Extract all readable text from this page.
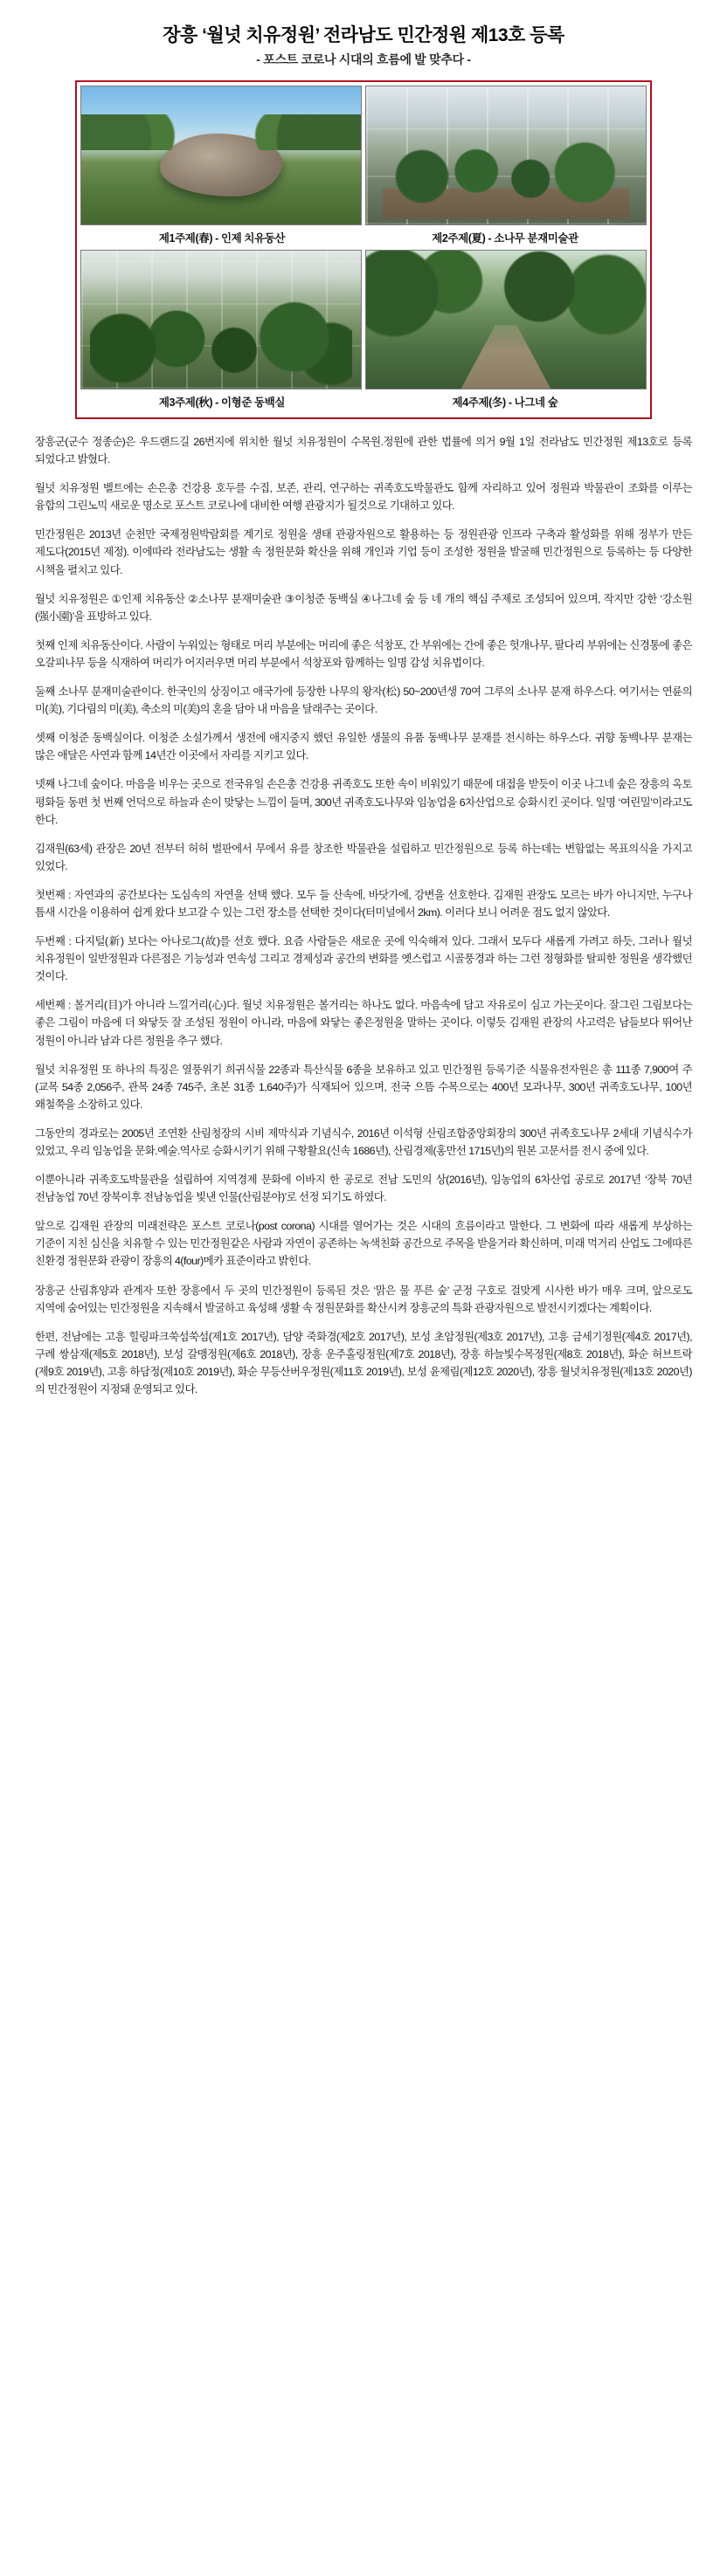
장흥 ‘월넛 치유정원’ 전라남도 민간정원 제13호 등록
- 포스트 코로나 시대의 흐름에 발 맞추다 -
제1주제(春) - 인제 치유동산	제2주제(夏) - 소나무 분재미술관
제3주제(秋) - 이형준 동백실	제4주제(冬) - 나그네 숲

장흥군(군수 정종순)은 우드랜드길 26번지에 위치한 월넛 치유정원이 수목원.정원에 관한 법률에 의거 9월 1일 전라남도 민간정원 제13호로 등록 되었다고 밝혔다.

월넛 치유정원 벨트에는 손은총 건강용 호두를 수집, 보존, 관리, 연구하는 귀족호도박물관도 함께 자리하고 있어 정원과 박물관이 조화를 이루는 융합의 그린노믹 새로운 명소로 포스트 코로나에 대비한 여행 관광지가 될것으로 기대하고 있다.

민간정원은 2013년 순천만 국제정원박람회를 계기로 정원을 생태 관광자원으로 활용하는 등 정원관광 인프라 구축과 활성화를 위해 정부가 만든 제도다(2015년 제정). 이에따라 전라남도는 생활 속 정원문화 확산을 위해 개인과 기업 등이 조성한 정원을 발굴해 민간정원으로 등록하는 등 다양한 시책을 펼치고 있다.

월넛 치유정원은 ①인제 치유동산 ②소나무 분재미술관 ③이청준 동백실 ④나그네 숲 등 네 개의 핵심 주제로 조성되어 있으며, 작지만 강한 ‘강소원(强小園)’을 표방하고 있다.

첫째 인제 치유동산이다. 사람이 누워있는 형태로 머리 부분에는 머리에 좋은 석창포, 간 부위에는 간에 좋은 헛개나무, 팔다리 부위에는 신경통에 좋은 오갈피나무 등을 식재하여 머리가 어지러우면 머리 부분에서 석창포와 함께하는 일명 감성 치유법이다.

둘째 소나무 분재미술관이다. 한국인의 상징이고 애국가에 등장한 나무의 왕자(松) 50~200년생 70여 그루의 소나무 분재 하우스다. 여기서는 연륜의 미(美), 기다림의 미(美), 축소의 미(美)의 혼을 담아 내 마음을 달래주는 곳이다.

셋째 이청준 동백실이다. 이청준 소설가께서 생전에 애지중지 했던 유일한 생물의 유품 동백나무 분재를 전시하는 하우스다. 귀향 동백나무 분재는 많은 애달은 사연과 함께 14년간 이곳에서 자리를 지키고 있다.

넷째 나그네 숲이다. 마음을 비우는 곳으로 전국유일 손은총 건강용 귀족호도 또한 속이 비워있기 때문에 대접을 받듯이 이곳 나그네 숲은 장흥의 옥토 평화들 동편 첫 번째 언덕으로 하늘과 손이 맞닿는 느낌이 들며, 300년 귀족호도나무와 임농업을 6차산업으로 승화시킨 곳이다. 일명 ‘여린밀’이라고도 한다.

김재원(63세) 관장은 20년 전부터 허허 벌판에서 무에서 유를 창조한 박물관을 설립하고 민간정원으로 등록 하는데는 변함없는 목표의식을 가지고 있었다.

첫번째 : 자연과의 공간보다는 도심속의 자연을 선택 했다. 모두 들 산속에, 바닷가에, 강변을 선호한다. 김재원 관장도 모르는 바가 아니지만, 누구나 틈새 시간을 이용하여 쉽게 왔다 보고갈 수 있는 그런 장소를 선택한 것이다(터미널에서 2km). 이러다 보니 어려운 점도 없지 않았다.

두번째 : 다지털(新) 보다는 아나로그(故)를 선호 했다. 요즘 사람들은 새로운 곳에 익숙해져 있다. 그래서 모두다 새롭게 가려고 하듯, 그러나 월넛 치유정원이 일반정원과 다른점은 기능성과 연속성 그리고 경제성과 공간의 변화를 옛스럽고 시골풍경과 하는 그런 정형화를 탈피한 정원을 생각했던 것이다.

세번째 : 볼거리(目)가 아니라 느낄거리(心)다. 월넛 치유정원은 볼거리는 하나도 없다. 마음속에 담고 자유로이 심고 가는곳이다. 잘그린 그림보다는 좋은 그림이 마음에 더 와닿듯 잘 조성된 정원이 아니라, 마음에 와닿는 좋은정원을 말하는 곳이다. 이렇듯 김재원 관장의 사고력은 남들보다 뛰어난 정원이 아니라 남과 다른 정원을 추구 했다.

월넛 치유정원 또 하나의 특징은 열풍위기 희귀식물 22종과 특산식물 6종을 보유하고 있고 민간정원 등록기준 식물유전자원은 총 111종 7,900여 주(교목 54종 2,056주, 관목 24종 745주, 초본 31종 1,640주)가 식재되어 있으며, 전국 으뜸 수목으로는 400년 모과나무, 300년 귀족호도나무, 100년 왜철쭉을 소장하고 있다.

그동안의 경과로는 2005년 조연환 산림청장의 시비 제막식과 기념식수, 2016년 이석형 산림조합중앙회장의 300년 귀족호도나무 2세대 기념식수가 있었고, 우리 임농업을 문화.예술.역사로 승화시키기 위해 구황활요(신속 1686년), 산림경제(홍만선 1715년)의 원본 고문서를 전시 중에 있다.

이뿐아니라 귀족호도박물관을 설립하여 지역경제 문화에 이바지 한 공로로 전남 도민의 상(2016년), 임농업의 6차산업 공로로 2017년 ‘장북 70년 전남농업 70년 장북이후 전남농업을 빛낸 인물(산림분야)’로 선정 되기도 하였다.

앞으로 김재원 관장의 미래전략은 포스트 코로나(post corona) 시대를 열어가는 것은 시대의 흐름이라고 말한다. 그 변화에 따라 새롭게 부상하는 기준이 지친 심신을 치유할 수 있는 민간정원같은 사람과 자연이 공존하는 녹색친화 공간으로 주목을 받을거라 확신하며, 미래 먹거리 산업도 그에따른 친환경 정원문화 관광이 장흥의 4(four)메카 표준이라고 밝힌다.

장흥군 산림휴양과 관계자 또한 장흥에서 두 곳의 민간정원이 등록된 것은 ‘맑은 물 푸른 숲’ 군정 구호로 걸맞게 시사한 바가 매우 크며, 앞으로도 지역에 숨어있는 민간정원을 지속해서 발굴하고 육성해 생활 속 정원문화를 확산시켜 장흥군의 특화 관광자원으로 발전시키겠다는 계획이다.

한편, 전남에는 고흥 힐링파크쑥섬쑥섬(제1호 2017년), 담양 죽화경(제2호 2017년), 보성 초암정원(제3호 2017년), 고흥 금세기정원(제4호 2017년), 구례 쌍삼재(제5호 2018년), 보성 갈맹정원(제6호 2018년), 장흥 운주홀링정원(제7호 2018년), 장흥 하늘빛수목정원(제8호 2018년), 화순 허브트락(제9호 2019년), 고흥 하담정(제10호 2019년), 화순 무등산버우정원(제11호 2019년), 보성 윤제림(제12호 2020년), 장흥 월넛치유정원(제13호 2020년)의 민간정원이 지정돼 운영되고 있다.
